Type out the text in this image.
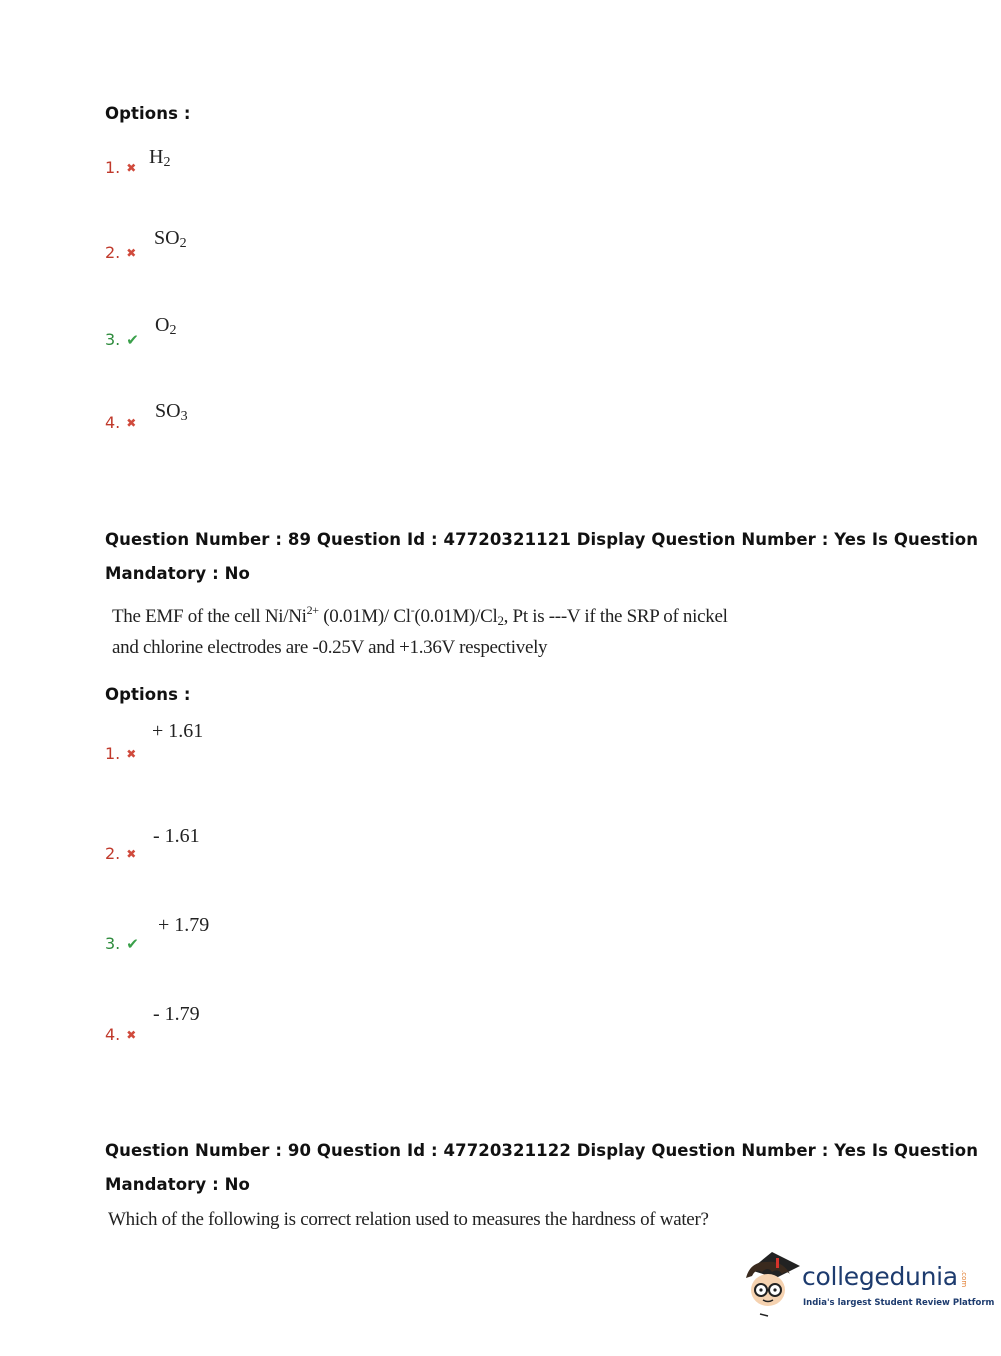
Options :
1. ✖ $H_2$
2. ✖
$SO_2$
3. ✔
$O_2$
4. ✖
$SO_3$
Question Number : 89 Question Id : 47720321121 Display Question Number : Yes Is Question
Mandatory : No
The EMF of the cell $Ni/Ni^{2+}$ (0.01M)/ $Cl^-(0.01M)/Cl_2$, Pt is ---V if the SRP of nickel
and chlorine electrodes are -0.25V and +1.36V respectively
Options :
1. ✖
+ 1.61
2. ✖
- 1.61
3. ✔
+ 1.79
4. ✖
- 1.79
Question Number : 90 Question Id : 47720321122 Display Question Number : Yes Is Question
Mandatory : No
Which of the following is correct relation used to measures the hardness of water?
collegedunia .com
India's largest Student Review Platform
